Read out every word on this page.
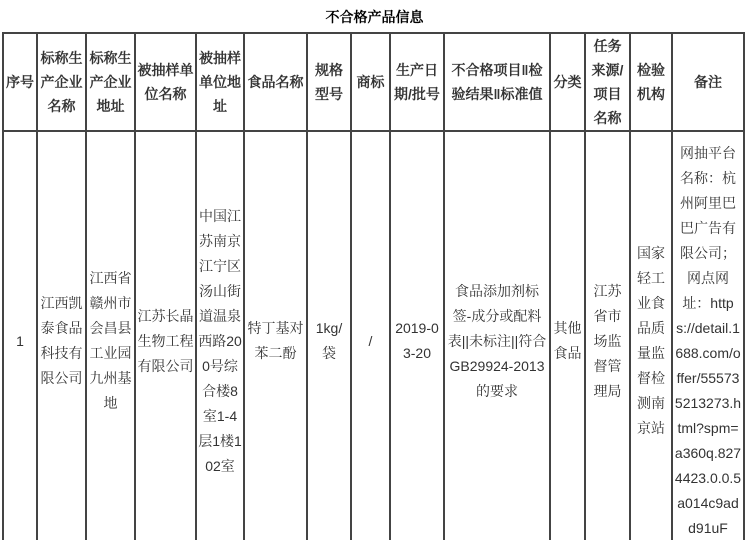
不合格产品信息
序号	标称生产企业名称	标称生产企业地址	被抽样单位名称	被抽样单位地址	食品名称	规格型号	商标	生产日期/批号	不合格项目‖检验结果‖标准值	分类	任务来源/项目名称	检验机构	备注
1	江西凯泰食品科技有限公司	江西省赣州市会昌县工业园九州基地	江苏长晶生物工程有限公司	中国江苏南京江宁区汤山街道温泉西路200号综合楼8室1-4层1楼102室	特丁基对苯二酚	1kg/袋	/	2019-03-20	食品添加剂标签-成分或配料表||未标注||符合GB29924-2013的要求	其他食品	江苏省市场监督管理局	国家轻工业食品质量监督检测南京站	网抽平台名称：杭州阿里巴巴广告有限公司；网点网址：https://detail.1688.com/offer/555735213273.html?spm=a360q.8274423.0.0.5a014c9add91uF
